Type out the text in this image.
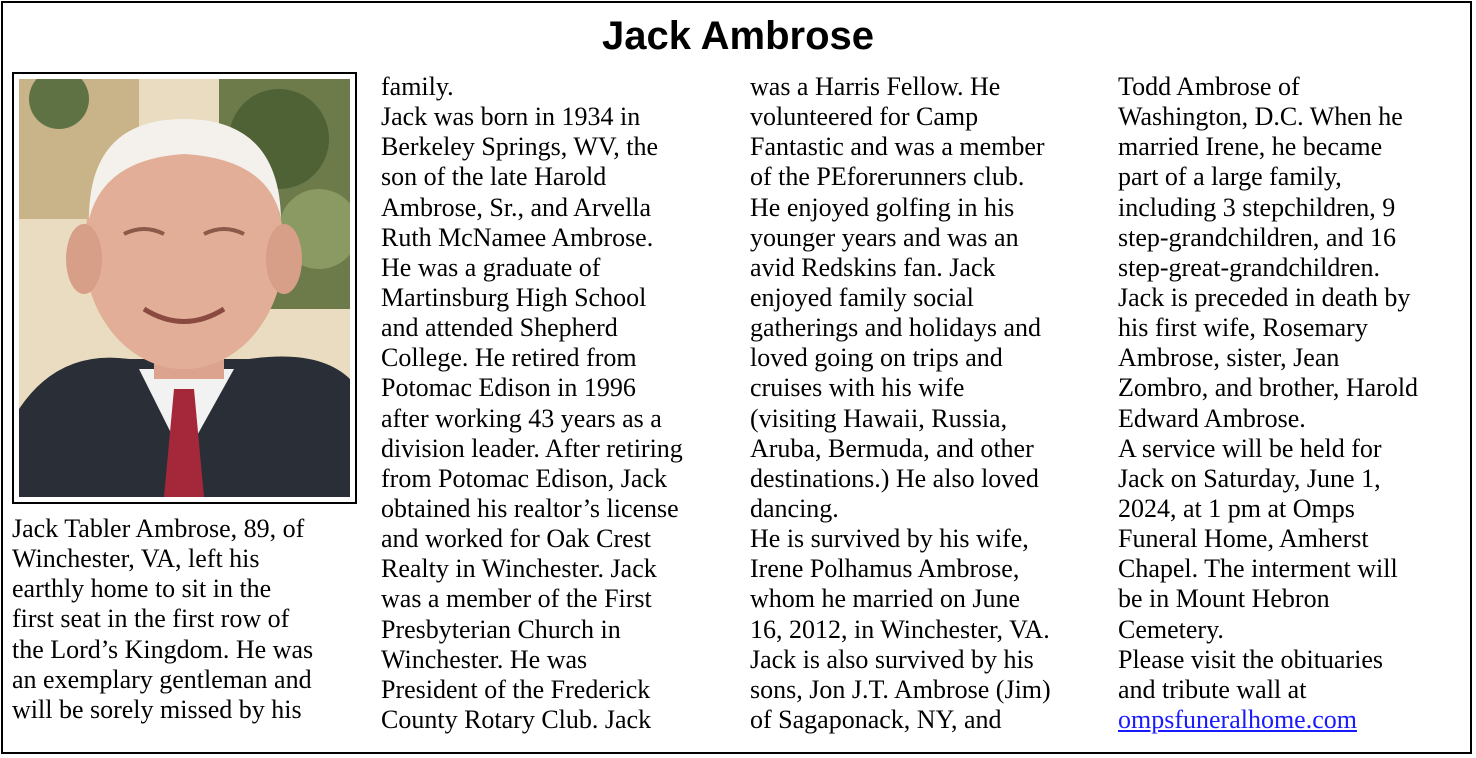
Jack Ambrose
Jack Tabler Ambrose, 89, of
Winchester, VA, left his
earthly home to sit in the
first seat in the first row of
the Lord’s Kingdom. He was
an exemplary gentleman and
will be sorely missed by his
family.
Jack was born in 1934 in
Berkeley Springs, WV, the
son of the late Harold
Ambrose, Sr., and Arvella
Ruth McNamee Ambrose.
He was a graduate of
Martinsburg High School
and attended Shepherd
College. He retired from
Potomac Edison in 1996
after working 43 years as a
division leader. After retiring
from Potomac Edison, Jack
obtained his realtor’s license
and worked for Oak Crest
Realty in Winchester. Jack
was a member of the First
Presbyterian Church in
Winchester. He was
President of the Frederick
County Rotary Club. Jack
was a Harris Fellow. He
volunteered for Camp
Fantastic and was a member
of the PEforerunners club.
He enjoyed golfing in his
younger years and was an
avid Redskins fan. Jack
enjoyed family social
gatherings and holidays and
loved going on trips and
cruises with his wife
(visiting Hawaii, Russia,
Aruba, Bermuda, and other
destinations.) He also loved
dancing.
He is survived by his wife,
Irene Polhamus Ambrose,
whom he married on June
16, 2012, in Winchester, VA.
Jack is also survived by his
sons, Jon J.T. Ambrose (Jim)
of Sagaponack, NY, and
Todd Ambrose of
Washington, D.C. When he
married Irene, he became
part of a large family,
including 3 stepchildren, 9
step-grandchildren, and 16
step-great-grandchildren.
Jack is preceded in death by
his first wife, Rosemary
Ambrose, sister, Jean
Zombro, and brother, Harold
Edward Ambrose.
A service will be held for
Jack on Saturday, June 1,
2024, at 1 pm at Omps
Funeral Home, Amherst
Chapel. The interment will
be in Mount Hebron
Cemetery.
Please visit the obituaries
and tribute wall at
ompsfuneralhome.com
